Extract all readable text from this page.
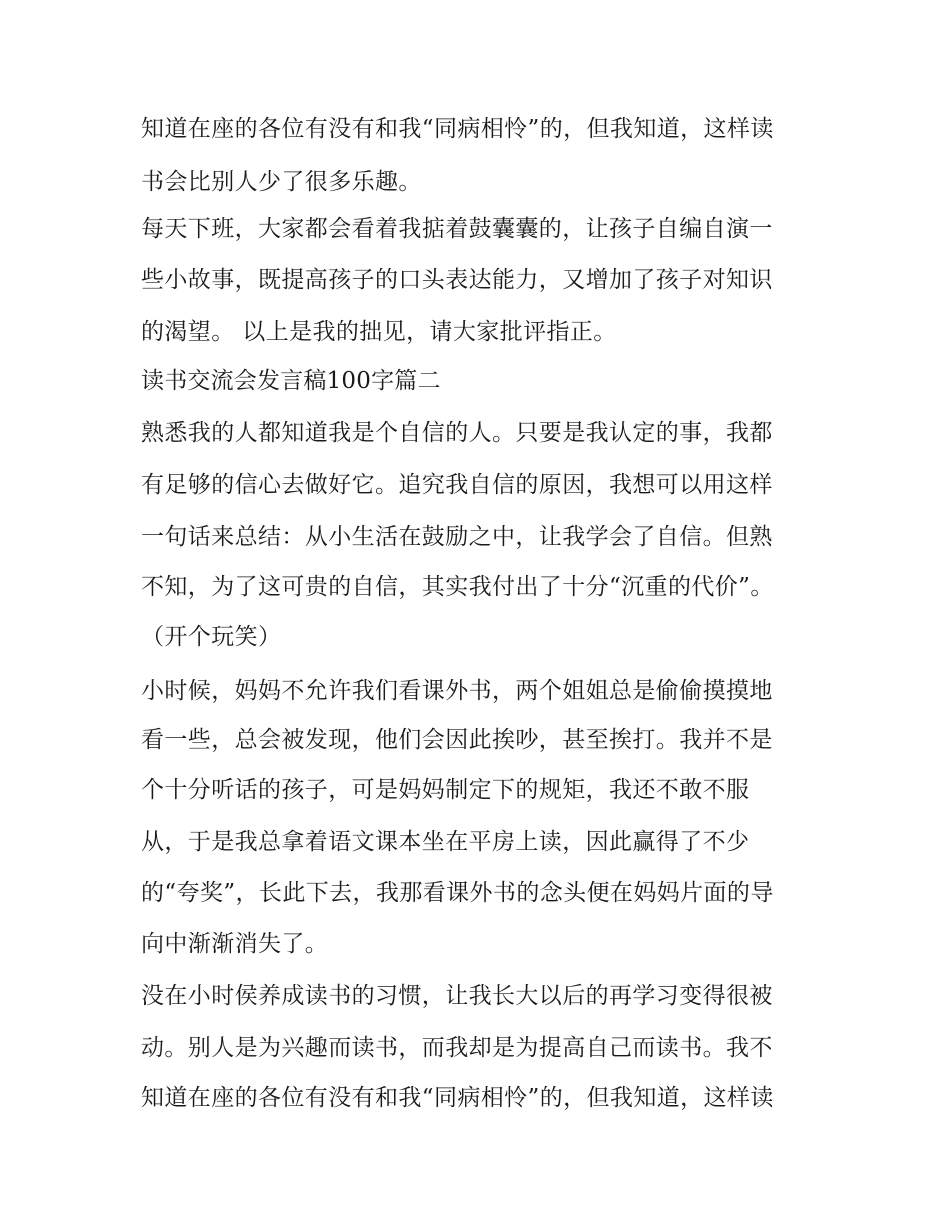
知道在座的各位有没有和我“同病相怜”的，但我知道，这样读

书会比别人少了很多乐趣。

每天下班，大家都会看着我掂着鼓囊囊的，让孩子自编自演一

些小故事，既提高孩子的口头表达能力，又增加了孩子对知识

的渴望。 以上是我的拙见，请大家批评指正。

读书交流会发言稿100字篇二

熟悉我的人都知道我是个自信的人。只要是我认定的事，我都

有足够的信心去做好它。追究我自信的原因，我想可以用这样

一句话来总结：从小生活在鼓励之中，让我学会了自信。但熟

不知，为了这可贵的自信，其实我付出了十分“沉重的代价”。

（开个玩笑）

小时候，妈妈不允许我们看课外书，两个姐姐总是偷偷摸摸地

看一些，总会被发现，他们会因此挨吵，甚至挨打。我并不是

个十分听话的孩子，可是妈妈制定下的规矩，我还不敢不服

从，于是我总拿着语文课本坐在平房上读，因此赢得了不少

的“夸奖”，长此下去，我那看课外书的念头便在妈妈片面的导

向中渐渐消失了。

没在小时侯养成读书的习惯，让我长大以后的再学习变得很被

动。别人是为兴趣而读书，而我却是为提高自己而读书。我不

知道在座的各位有没有和我“同病相怜”的，但我知道，这样读
